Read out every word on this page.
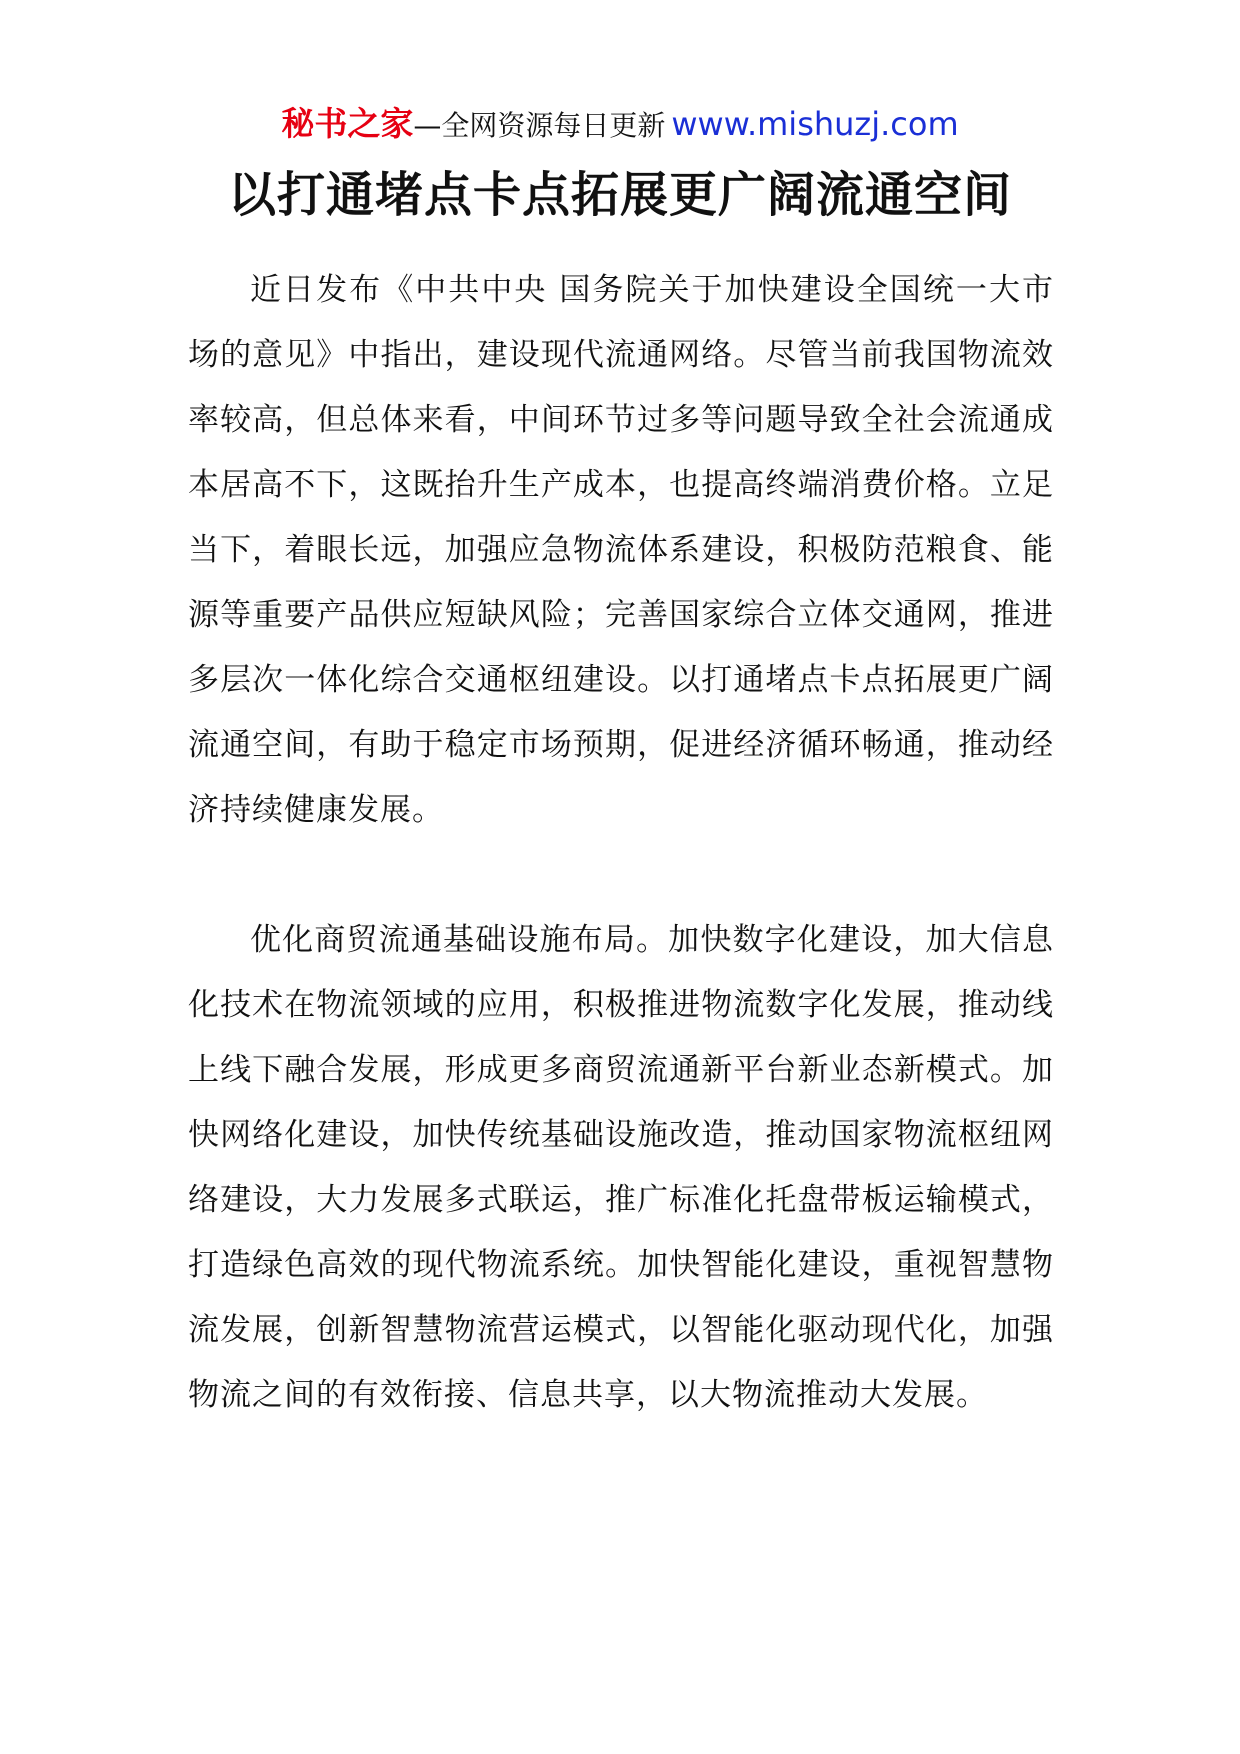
秘书之家—全网资源每日更新 www.mishuzj.com
以打通堵点卡点拓展更广阔流通空间

近日发布《中共中央 国务院关于加快建设全国统一大市场的意见》中指出，建设现代流通网络。尽管当前我国物流效率较高，但总体来看，中间环节过多等问题导致全社会流通成本居高不下，这既抬升生产成本，也提高终端消费价格。立足当下，着眼长远，加强应急物流体系建设，积极防范粮食、能源等重要产品供应短缺风险；完善国家综合立体交通网，推进多层次一体化综合交通枢纽建设。以打通堵点卡点拓展更广阔流通空间，有助于稳定市场预期，促进经济循环畅通，推动经济持续健康发展。

优化商贸流通基础设施布局。加快数字化建设，加大信息化技术在物流领域的应用，积极推进物流数字化发展，推动线上线下融合发展，形成更多商贸流通新平台新业态新模式。加快网络化建设，加快传统基础设施改造，推动国家物流枢纽网络建设，大力发展多式联运，推广标准化托盘带板运输模式，打造绿色高效的现代物流系统。加快智能化建设，重视智慧物流发展，创新智慧物流营运模式，以智能化驱动现代化，加强物流之间的有效衔接、信息共享，以大物流推动大发展。
